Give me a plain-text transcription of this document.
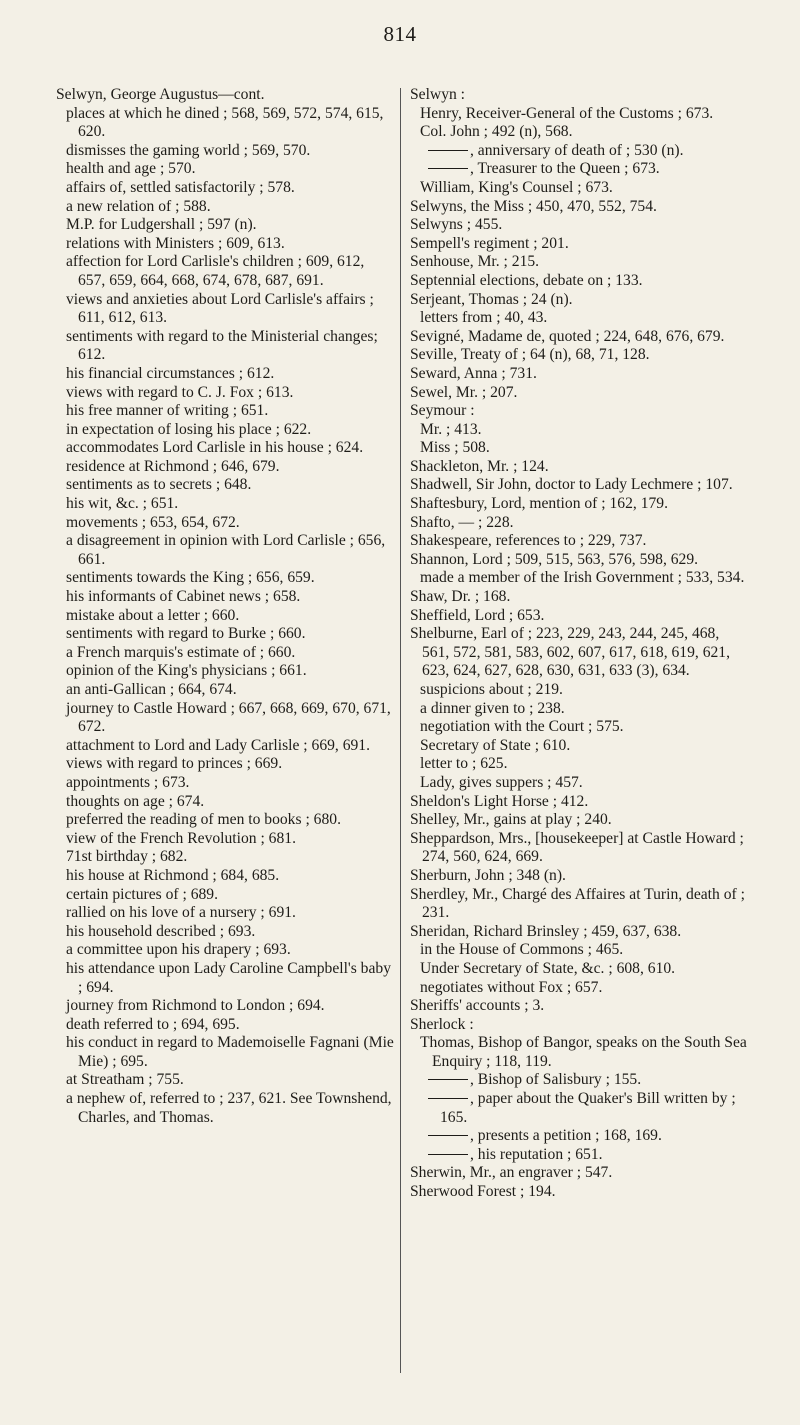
814
Selwyn, George Augustus—cont.
places at which he dined ; 568, 569, 572, 574, 615, 620.
dismisses the gaming world ; 569, 570.
health and age ; 570.
affairs of, settled satisfactorily ; 578.
a new relation of ; 588.
M.P. for Ludgershall ; 597 (n).
relations with Ministers ; 609, 613.
affection for Lord Carlisle's children ; 609, 612, 657, 659, 664, 668, 674, 678, 687, 691.
views and anxieties about Lord Carlisle's affairs ; 611, 612, 613.
sentiments with regard to the Ministerial changes; 612.
his financial circumstances ; 612.
views with regard to C. J. Fox ; 613.
his free manner of writing ; 651.
in expectation of losing his place ; 622.
accommodates Lord Carlisle in his house ; 624.
residence at Richmond ; 646, 679.
sentiments as to secrets ; 648.
his wit, &c. ; 651.
movements ; 653, 654, 672.
a disagreement in opinion with Lord Carlisle ; 656, 661.
sentiments towards the King ; 656, 659.
his informants of Cabinet news ; 658.
mistake about a letter ; 660.
sentiments with regard to Burke ; 660.
a French marquis's estimate of ; 660.
opinion of the King's physicians ; 661.
an anti-Gallican ; 664, 674.
journey to Castle Howard ; 667, 668, 669, 670, 671, 672.
attachment to Lord and Lady Carlisle ; 669, 691.
views with regard to princes ; 669.
appointments ; 673.
thoughts on age ; 674.
preferred the reading of men to books ; 680.
view of the French Revolution ; 681.
71st birthday ; 682.
his house at Richmond ; 684, 685.
certain pictures of ; 689.
rallied on his love of a nursery ; 691.
his household described ; 693.
a committee upon his drapery ; 693.
his attendance upon Lady Caroline Campbell's baby ; 694.
journey from Richmond to London ; 694.
death referred to ; 694, 695.
his conduct in regard to Mademoiselle Fagnani (Mie Mie) ; 695.
at Streatham ; 755.
a nephew of, referred to ; 237, 621. See Townshend, Charles, and Thomas.
Selwyn :
Henry, Receiver-General of the Customs ; 673.
Col. John ; 492 (n), 568.
, anniversary of death of ; 530 (n).
, Treasurer to the Queen ; 673.
William, King's Counsel ; 673.
Selwyns, the Miss ; 450, 470, 552, 754.
Selwyns ; 455.
Sempell's regiment ; 201.
Senhouse, Mr. ; 215.
Septennial elections, debate on ; 133.
Serjeant, Thomas ; 24 (n).
letters from ; 40, 43.
Sevigné, Madame de, quoted ; 224, 648, 676, 679.
Seville, Treaty of ; 64 (n), 68, 71, 128.
Seward, Anna ; 731.
Sewel, Mr. ; 207.
Seymour :
Mr. ; 413.
Miss ; 508.
Shackleton, Mr. ; 124.
Shadwell, Sir John, doctor to Lady Lechmere ; 107.
Shaftesbury, Lord, mention of ; 162, 179.
Shafto, — ; 228.
Shakespeare, references to ; 229, 737.
Shannon, Lord ; 509, 515, 563, 576, 598, 629.
made a member of the Irish Government ; 533, 534.
Shaw, Dr. ; 168.
Sheffield, Lord ; 653.
Shelburne, Earl of ; 223, 229, 243, 244, 245, 468, 561, 572, 581, 583, 602, 607, 617, 618, 619, 621, 623, 624, 627, 628, 630, 631, 633 (3), 634.
suspicions about ; 219.
a dinner given to ; 238.
negotiation with the Court ; 575.
Secretary of State ; 610.
letter to ; 625.
Lady, gives suppers ; 457.
Sheldon's Light Horse ; 412.
Shelley, Mr., gains at play ; 240.
Sheppardson, Mrs., [housekeeper] at Castle Howard ; 274, 560, 624, 669.
Sherburn, John ; 348 (n).
Sherdley, Mr., Chargé des Affaires at Turin, death of ; 231.
Sheridan, Richard Brinsley ; 459, 637, 638.
in the House of Commons ; 465.
Under Secretary of State, &c. ; 608, 610.
negotiates without Fox ; 657.
Sheriffs' accounts ; 3.
Sherlock :
Thomas, Bishop of Bangor, speaks on the South Sea Enquiry ; 118, 119.
, Bishop of Salisbury ; 155.
, paper about the Quaker's Bill written by ; 165.
, presents a petition ; 168, 169.
, his reputation ; 651.
Sherwin, Mr., an engraver ; 547.
Sherwood Forest ; 194.
